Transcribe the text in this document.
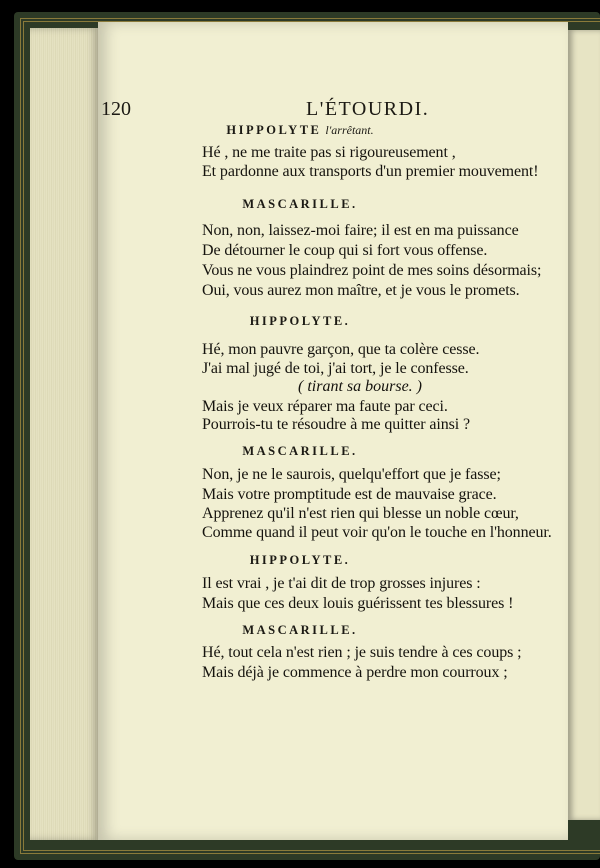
120	L'ÉTOURDI.
HIPPOLYTE l'arrêtant.
Hé , ne me traite pas si rigoureusement ,
Et pardonne aux transports d'un premier mouvement!
MASCARILLE.
Non, non, laissez-moi faire; il est en ma puissance
De détourner le coup qui si fort vous offense.
Vous ne vous plaindrez point de mes soins désormais;
Oui, vous aurez mon maître, et je vous le promets.
HIPPOLYTE.
Hé, mon pauvre garçon, que ta colère cesse.
J'ai mal jugé de toi, j'ai tort, je le confesse.
( tirant sa bourse. )
Mais je veux réparer ma faute par ceci.
Pourrois-tu te résoudre à me quitter ainsi ?
MASCARILLE.
Non, je ne le saurois, quelqu'effort que je fasse;
Mais votre promptitude est de mauvaise grace.
Apprenez qu'il n'est rien qui blesse un noble cœur,
Comme quand il peut voir qu'on le touche en l'honneur.
HIPPOLYTE.
Il est vrai , je t'ai dit de trop grosses injures :
Mais que ces deux louis guérissent tes blessures !
MASCARILLE.
Hé, tout cela n'est rien ; je suis tendre à ces coups ;
Mais déjà je commence à perdre mon courroux ;
